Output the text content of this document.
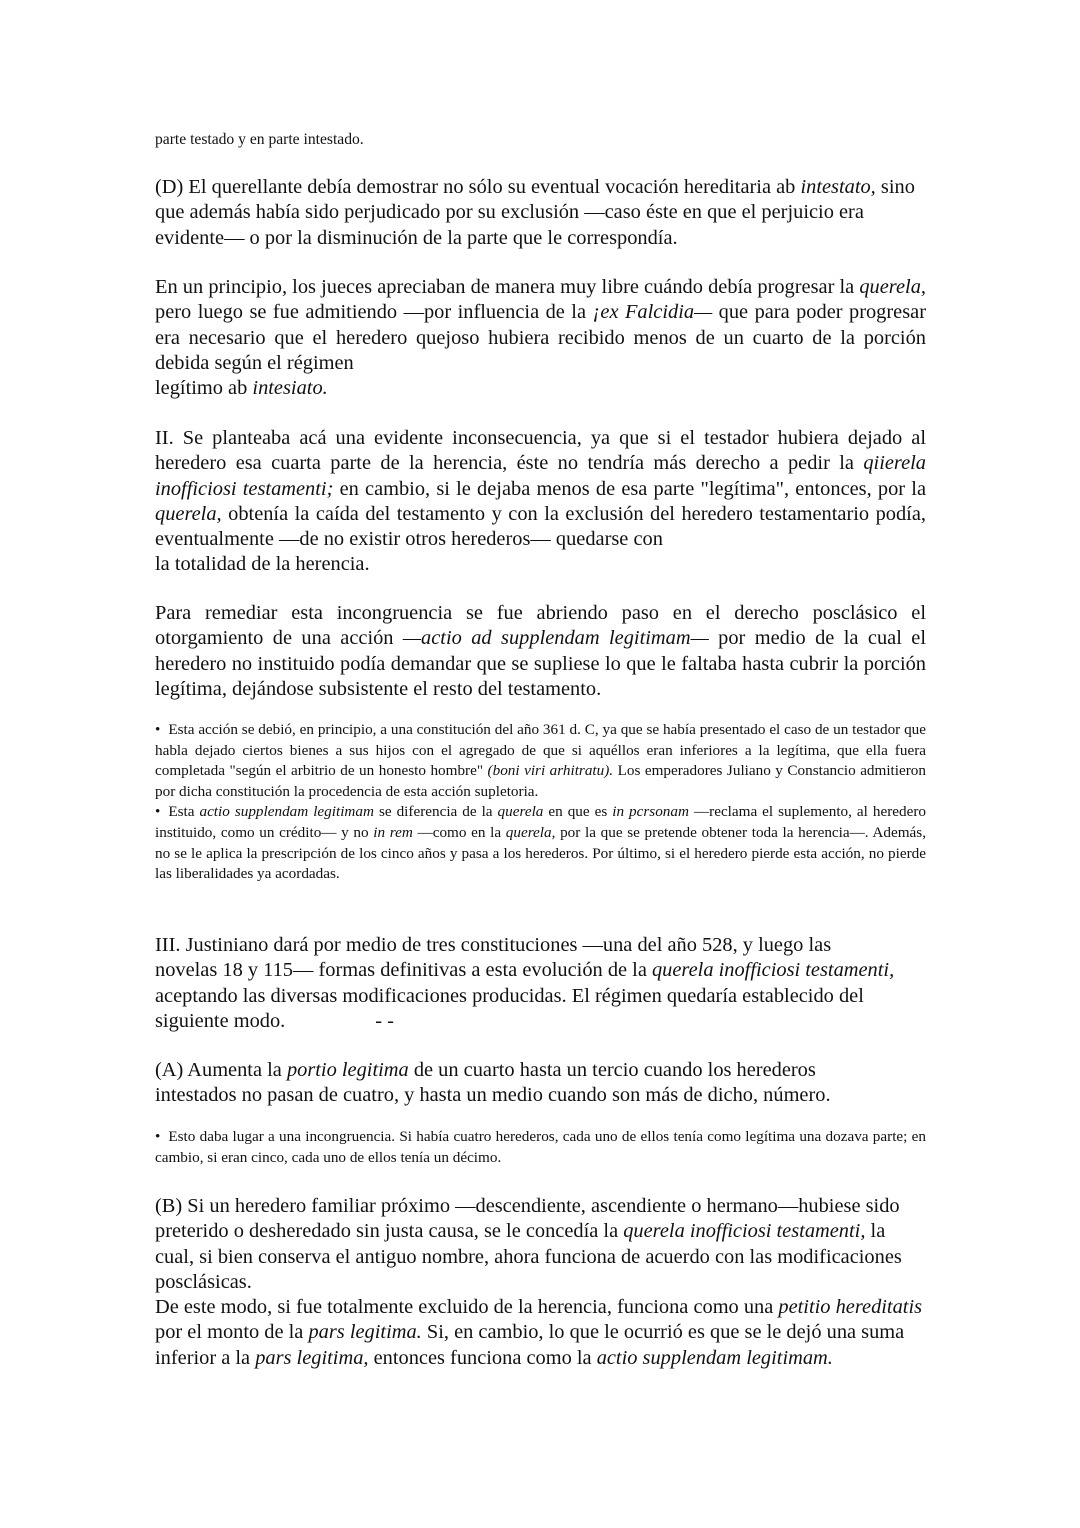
parte testado y en parte intestado.

(D) El querellante debía demostrar no sólo su eventual vocación hereditaria ab intestato, sino que además había sido perjudicado por su exclusión —caso éste en que el perjuicio era evidente— o por la disminución de la parte que le correspondía.

En un principio, los jueces apreciaban de manera muy libre cuándo debía progresar la querela, pero luego se fue admitiendo —por influencia de la ¡ex Falcidia— que para poder progresar era necesario que el heredero quejoso hubiera recibido menos de un cuarto de la porción debida según el régimen

legítimo ab intesiato.

II. Se planteaba acá una evidente inconsecuencia, ya que si el testador hubiera dejado al heredero esa cuarta parte de la herencia, éste no tendría más derecho a pedir la qiierela inofficiosi testamenti; en cambio, si le dejaba menos de esa parte "legítima", entonces, por la querela, obtenía la caída del testamento y con la exclusión del heredero testamentario podía, eventualmente —de no existir otros herederos— quedarse con

la totalidad de la herencia.

Para remediar esta incongruencia se fue abriendo paso en el derecho posclásico el otorgamiento de una acción —actio ad supplendam legitimam— por medio de la cual el heredero no instituido podía demandar que se supliese lo que le faltaba hasta cubrir la porción legítima, dejándose subsistente el resto del testamento.

• Esta acción se debió, en principio, a una constitución del año 361 d. C, ya que se había presentado el caso de un testador que habla dejado ciertos bienes a sus hijos con el agregado de que si aquéllos eran inferiores a la legítima, que ella fuera completada "según el arbitrio de un honesto hombre" (boni viri arhitratu). Los emperadores Juliano y Constancio admitieron por dicha constitución la procedencia de esta acción supletoria.

• Esta actio supplendam legitimam se diferencia de la querela en que es in pcrsonam —reclama el suplemento, al heredero instituido, como un crédito— y no in rem —como en la querela, por la que se pretende obtener toda la herencia—. Además, no se le aplica la prescripción de los cinco años y pasa a los herederos. Por último, si el heredero pierde esta acción, no pierde las liberalidades ya acordadas.

III. Justiniano dará por medio de tres constituciones —una del año 528, y luego las novelas 18 y 115— formas definitivas a esta evolución de la querela inofficiosi testamenti, aceptando las diversas modificaciones producidas. El régimen quedaría establecido del siguiente modo.	- -

(A) Aumenta la portio legitima de un cuarto hasta un tercio cuando los herederos intestados no pasan de cuatro, y hasta un medio cuando son más de dicho, número.

• Esto daba lugar a una incongruencia. Si había cuatro herederos, cada uno de ellos tenía como legítima una dozava parte; en cambio, si eran cinco, cada uno de ellos tenía un décimo.

(B) Si un heredero familiar próximo —descendiente, ascendiente o hermano—hubiese sido preterido o desheredado sin justa causa, se le concedía la querela inofficiosi testamenti, la cual, si bien conserva el antiguo nombre, ahora funciona de acuerdo con las modificaciones posclásicas.

De este modo, si fue totalmente excluido de la herencia, funciona como una petitio hereditatis por el monto de la pars legitima. Si, en cambio, lo que le ocurrió es que se le dejó una suma inferior a la pars legitima, entonces funciona como la actio supplendam legitimam.
